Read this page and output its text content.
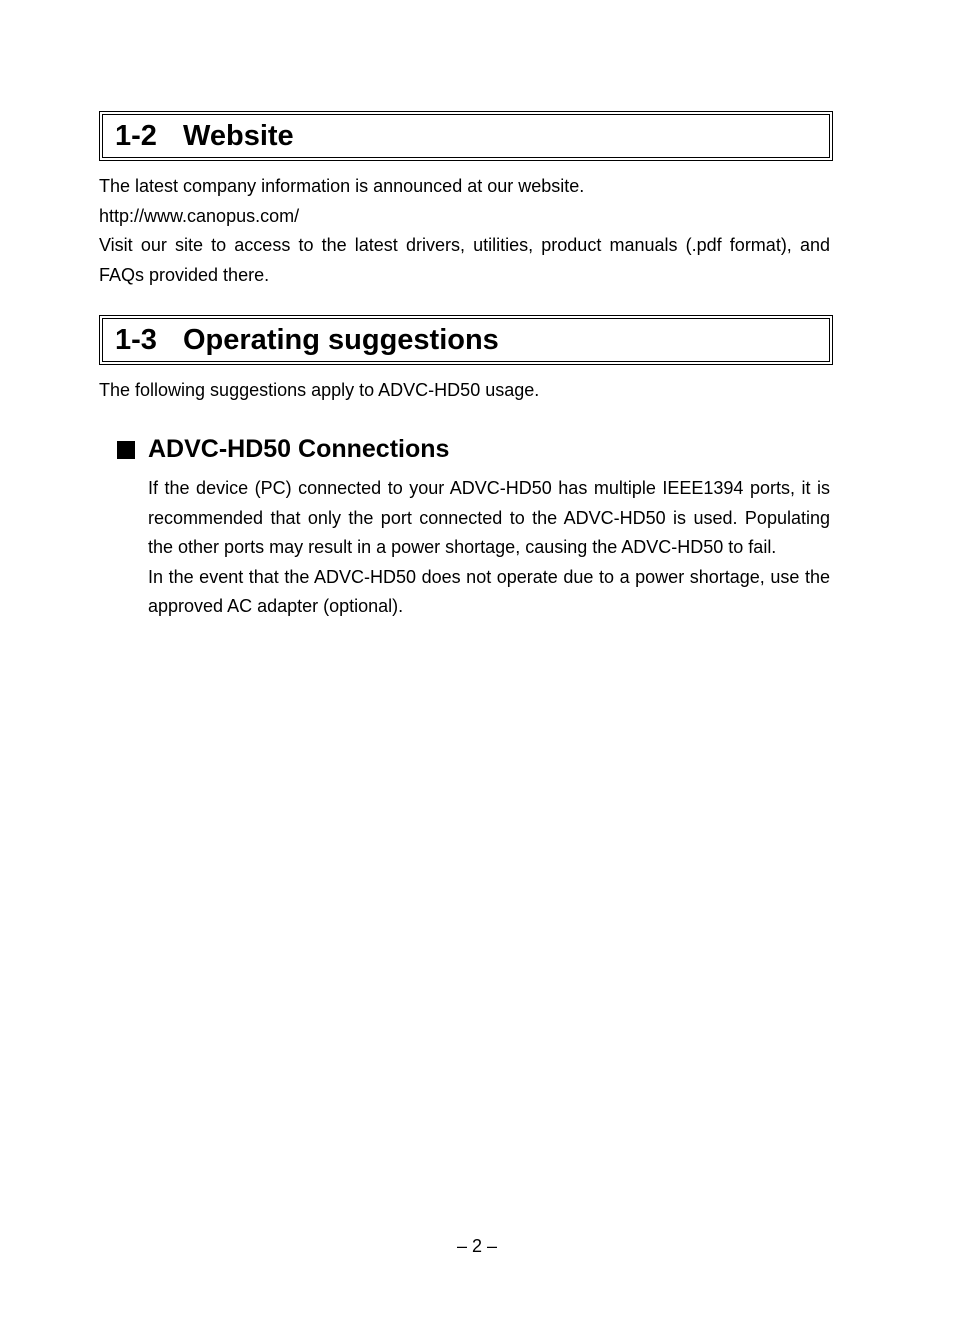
1-2 Website
The latest company information is announced at our website.
http://www.canopus.com/
Visit our site to access to the latest drivers, utilities, product manuals (.pdf format), and FAQs provided there.
1-3 Operating suggestions
The following suggestions apply to ADVC-HD50 usage.
ADVC-HD50 Connections

If the device (PC) connected to your ADVC-HD50 has multiple IEEE1394 ports, it is recommended that only the port connected to the ADVC-HD50 is used. Populating the other ports may result in a power shortage, causing the ADVC-HD50 to fail.

In the event that the ADVC-HD50 does not operate due to a power shortage, use the approved AC adapter (optional).

– 2 –
